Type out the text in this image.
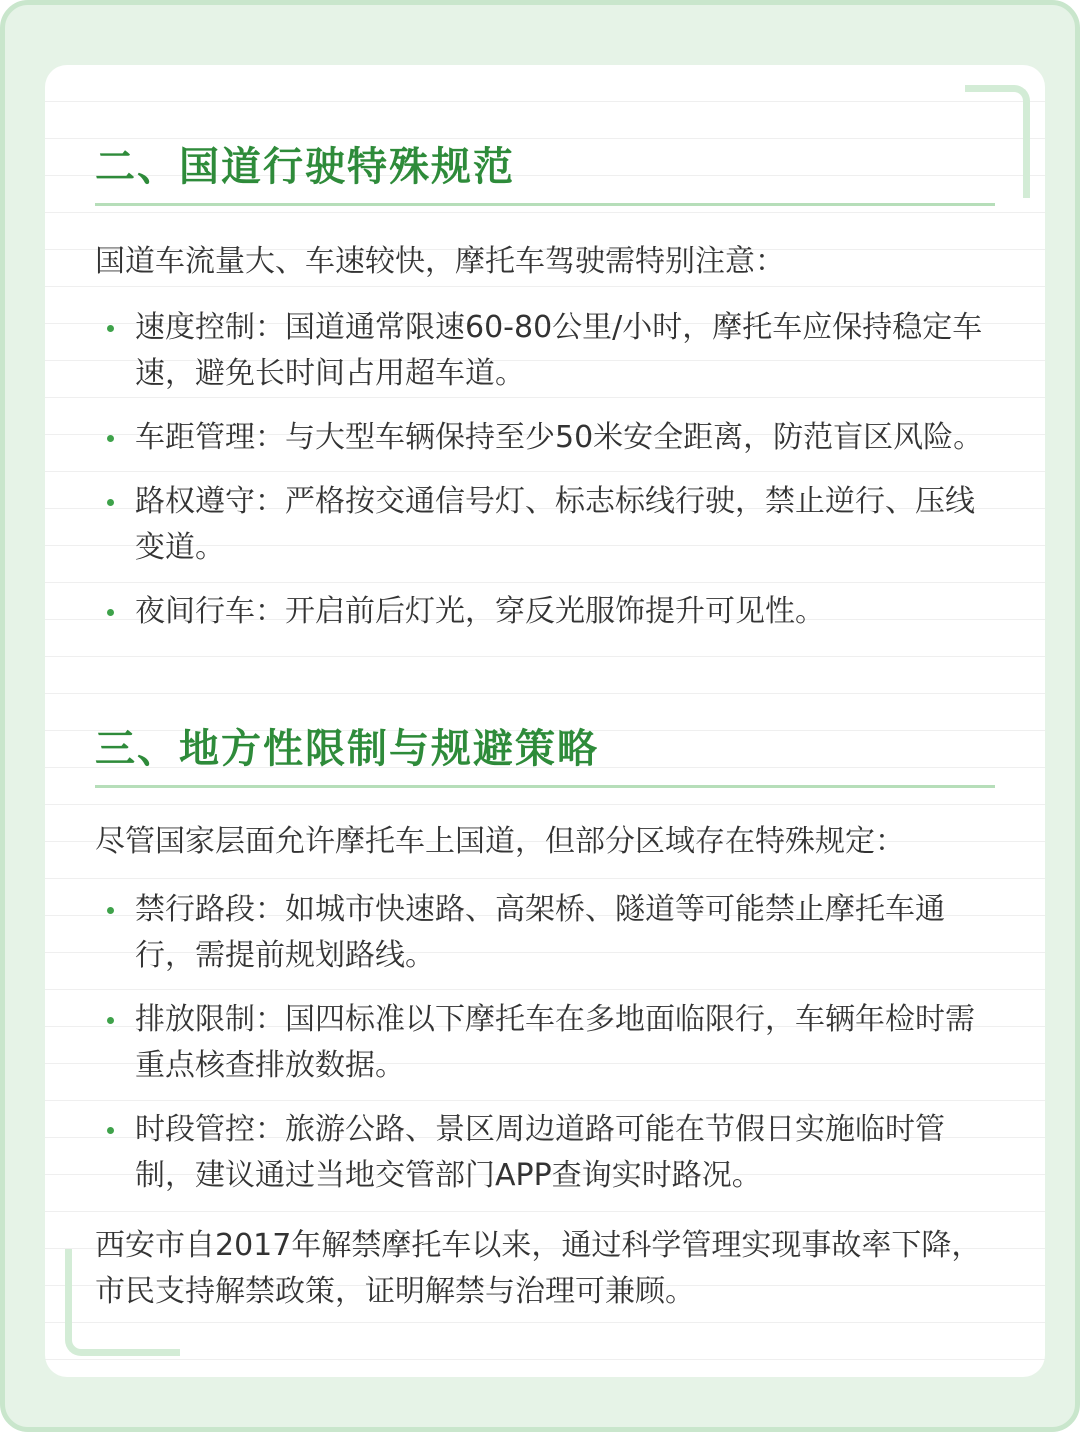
二、国道行驶特殊规范

国道车流量大、车速较快，摩托车驾驶需特别注意：

速度控制：国道通常限速60-80公里/小时，摩托车应保持稳定车速，避免长时间占用超车道。
车距管理：与大型车辆保持至少50米安全距离，防范盲区风险。
路权遵守：严格按交通信号灯、标志标线行驶，禁止逆行、压线变道。
夜间行车：开启前后灯光，穿反光服饰提升可见性。
三、地方性限制与规避策略

尽管国家层面允许摩托车上国道，但部分区域存在特殊规定：

禁行路段：如城市快速路、高架桥、隧道等可能禁止摩托车通行，需提前规划路线。
排放限制：国四标准以下摩托车在多地面临限行，车辆年检时需重点核查排放数据。
时段管控：旅游公路、景区周边道路可能在节假日实施临时管制，建议通过当地交管部门APP查询实时路况。

西安市自2017年解禁摩托车以来，通过科学管理实现事故率下降，市民支持解禁政策，证明解禁与治理可兼顾。
